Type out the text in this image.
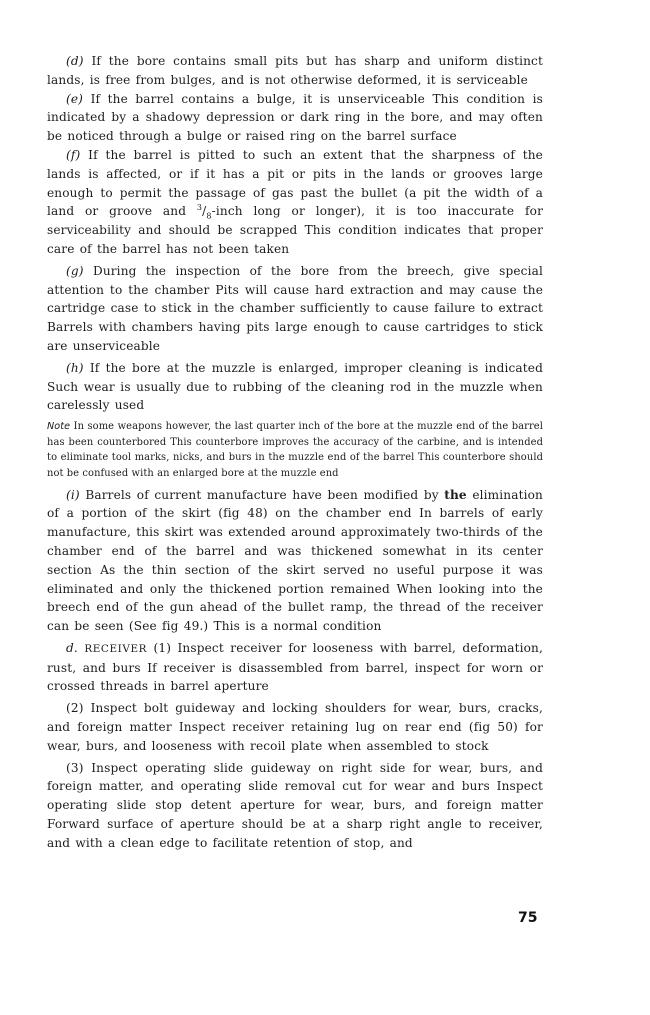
(d) If the bore contains small pits but has sharp and uniform distinct lands, is free from bulges, and is not otherwise deformed, it is serviceable

(e) If the barrel contains a bulge, it is unserviceable This condition is indicated by a shadowy depression or dark ring in the bore, and may often be noticed through a bulge or raised ring on the barrel surface

(f) If the barrel is pitted to such an extent that the sharpness of the lands is affected, or if it has a pit or pits in the lands or grooves large enough to permit the passage of gas past the bullet (a pit the width of a land or groove and $^3/_8$-inch long or longer), it is too inaccurate for serviceability and should be scrapped This condition indicates that proper care of the barrel has not been taken

(g) During the inspection of the bore from the breech, give special attention to the chamber Pits will cause hard extraction and may cause the cartridge case to stick in the chamber sufficiently to cause failure to extract Barrels with chambers having pits large enough to cause cartridges to stick are unserviceable

(h) If the bore at the muzzle is enlarged, improper cleaning is indicated Such wear is usually due to rubbing of the cleaning rod in the muzzle when carelessly used

Note In some weapons however, the last quarter inch of the bore at the muzzle end of the barrel has been counterbored This counterbore improves the accuracy of the carbine, and is intended to eliminate tool marks, nicks, and burs in the muzzle end of the barrel This counterbore should not be confused with an enlarged bore at the muzzle end

(i) Barrels of current manufacture have been modified by the elimination of a portion of the skirt (fig 48) on the chamber end In barrels of early manufacture, this skirt was extended around approximately two-thirds of the chamber end of the barrel and was thickened somewhat in its center section As the thin section of the skirt served no useful purpose it was eliminated and only the thickened portion remained When looking into the breech end of the gun ahead of the bullet ramp, the thread of the receiver can be seen (See fig 49.) This is a normal condition

d. RECEIVER (1) Inspect receiver for looseness with barrel, deformation, rust, and burs If receiver is disassembled from barrel, inspect for worn or crossed threads in barrel aperture

(2) Inspect bolt guideway and locking shoulders for wear, burs, cracks, and foreign matter Inspect receiver retaining lug on rear end (fig 50) for wear, burs, and looseness with recoil plate when assembled to stock

(3) Inspect operating slide guideway on right side for wear, burs, and foreign matter, and operating slide removal cut for wear and burs Inspect operating slide stop detent aperture for wear, burs, and foreign matter Forward surface of aperture should be at a sharp right angle to receiver, and with a clean edge to facilitate retention of stop, and

75
